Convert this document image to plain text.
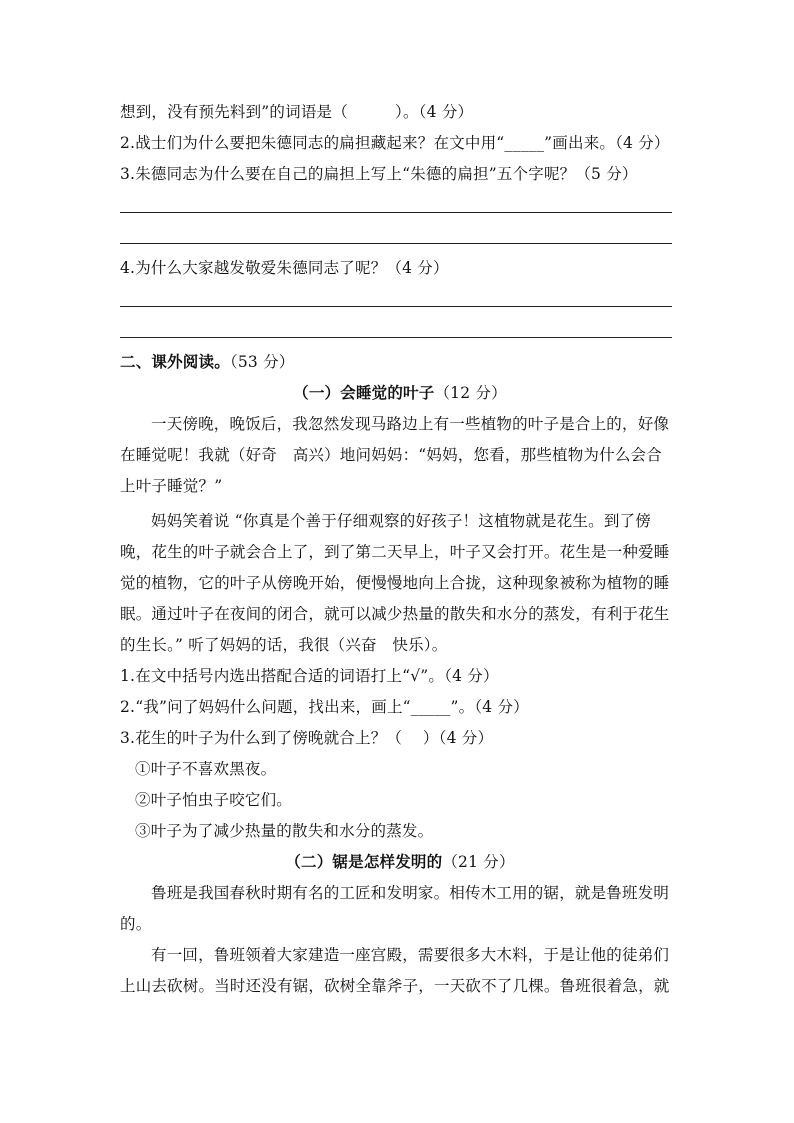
想到，没有预先料到”的词语是（　　　）。（4 分）
2.战士们为什么要把朱德同志的扁担藏起来？在文中用“_____”画出来。（4 分）
3.朱德同志为什么要在自己的扁担上写上“朱德的扁担”五个字呢？（5 分）
4.为什么大家越发敬爱朱德同志了呢？（4 分）
二、课外阅读。（53 分）
（一）会睡觉的叶子（12 分）
一天傍晚，晚饭后，我忽然发现马路边上有一些植物的叶子是合上的，好像
在睡觉呢！我就（好奇　高兴）地问妈妈：“妈妈，您看，那些植物为什么会合
上叶子睡觉？”
妈妈笑着说 “你真是个善于仔细观察的好孩子！这植物就是花生。到了傍
晚，花生的叶子就会合上了，到了第二天早上，叶子又会打开。花生是一种爱睡
觉的植物，它的叶子从傍晚开始，便慢慢地向上合拢，这种现象被称为植物的睡
眠。通过叶子在夜间的闭合，就可以减少热量的散失和水分的蒸发，有利于花生
的生长。” 听了妈妈的话，我很（兴奋　快乐）。
1.在文中括号内选出搭配合适的词语打上“√”。（4 分）
2.“我”问了妈妈什么问题，找出来，画上“_____”。（4 分）
3.花生的叶子为什么到了傍晚就合上？（　 ）（4 分）
①叶子不喜欢黑夜。
②叶子怕虫子咬它们。
③叶子为了减少热量的散失和水分的蒸发。
（二）锯是怎样发明的（21 分）
鲁班是我国春秋时期有名的工匠和发明家。相传木工用的锯，就是鲁班发明
的。
有一回，鲁班领着大家建造一座宫殿，需要很多大木料，于是让他的徒弟们
上山去砍树。当时还没有锯，砍树全靠斧子，一天砍不了几棵。鲁班很着急，就
